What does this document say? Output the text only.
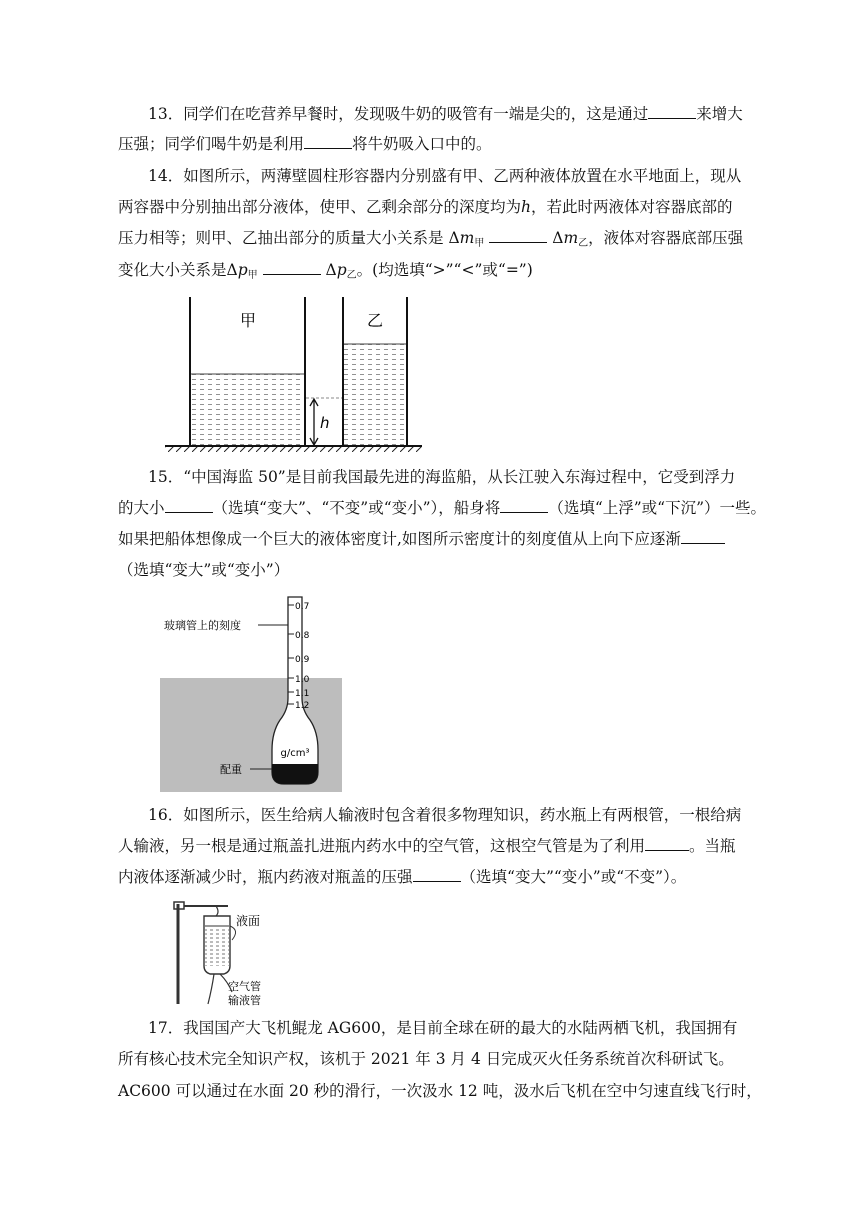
13．同学们在吃营养早餐时，发现吸牛奶的吸管有一端是尖的，这是通过	来增大
压强；同学们喝牛奶是利用	将牛奶吸入口中的。
14．如图所示，两薄壁圆柱形容器内分别盛有甲、乙两种液体放置在水平地面上，现从
两容器中分别抽出部分液体，使甲、乙剩余部分的深度均为h，若此时两液体对容器底部的
压力相等；则甲、乙抽出部分的质量大小关系是 $\Delta m_甲$	$\Delta m_乙$，液体对容器底部压强
变化大小关系是$\Delta p_甲$	$\Delta p_乙$。(均选填“>”“<”或“=”)
甲	乙
h
15．“中国海监 50”是目前我国最先进的海监船，从长江驶入东海过程中，它受到浮力
的大小	（选填“变大”、“不变”或“变小”），船身将	（选填“上浮”或“下沉”）一些。
如果把船体想像成一个巨大的液体密度计,如图所示密度计的刻度值从上向下应逐渐
（选填“变大”或“变小”）
0.7
0.8
0.9
1.0
1.1
1.2
玻璃管上的刻度
g/cm³
配重
16．如图所示，医生给病人输液时包含着很多物理知识，药水瓶上有两根管，一根给病
人输液，另一根是通过瓶盖扎进瓶内药水中的空气管，这根空气管是为了利用	。当瓶
内液体逐渐减少时，瓶内药液对瓶盖的压强	（选填“变大”“变小”或“不变”）。
液面
空气管
输液管
17．我国国产大飞机鲲龙 AG600，是目前全球在研的最大的水陆两栖飞机，我国拥有
所有核心技术完全知识产权，该机于 2021 年 3 月 4 日完成灭火任务系统首次科研试飞。
AC600 可以通过在水面 20 秒的滑行，一次汲水 12 吨，汲水后飞机在空中匀速直线飞行时，
